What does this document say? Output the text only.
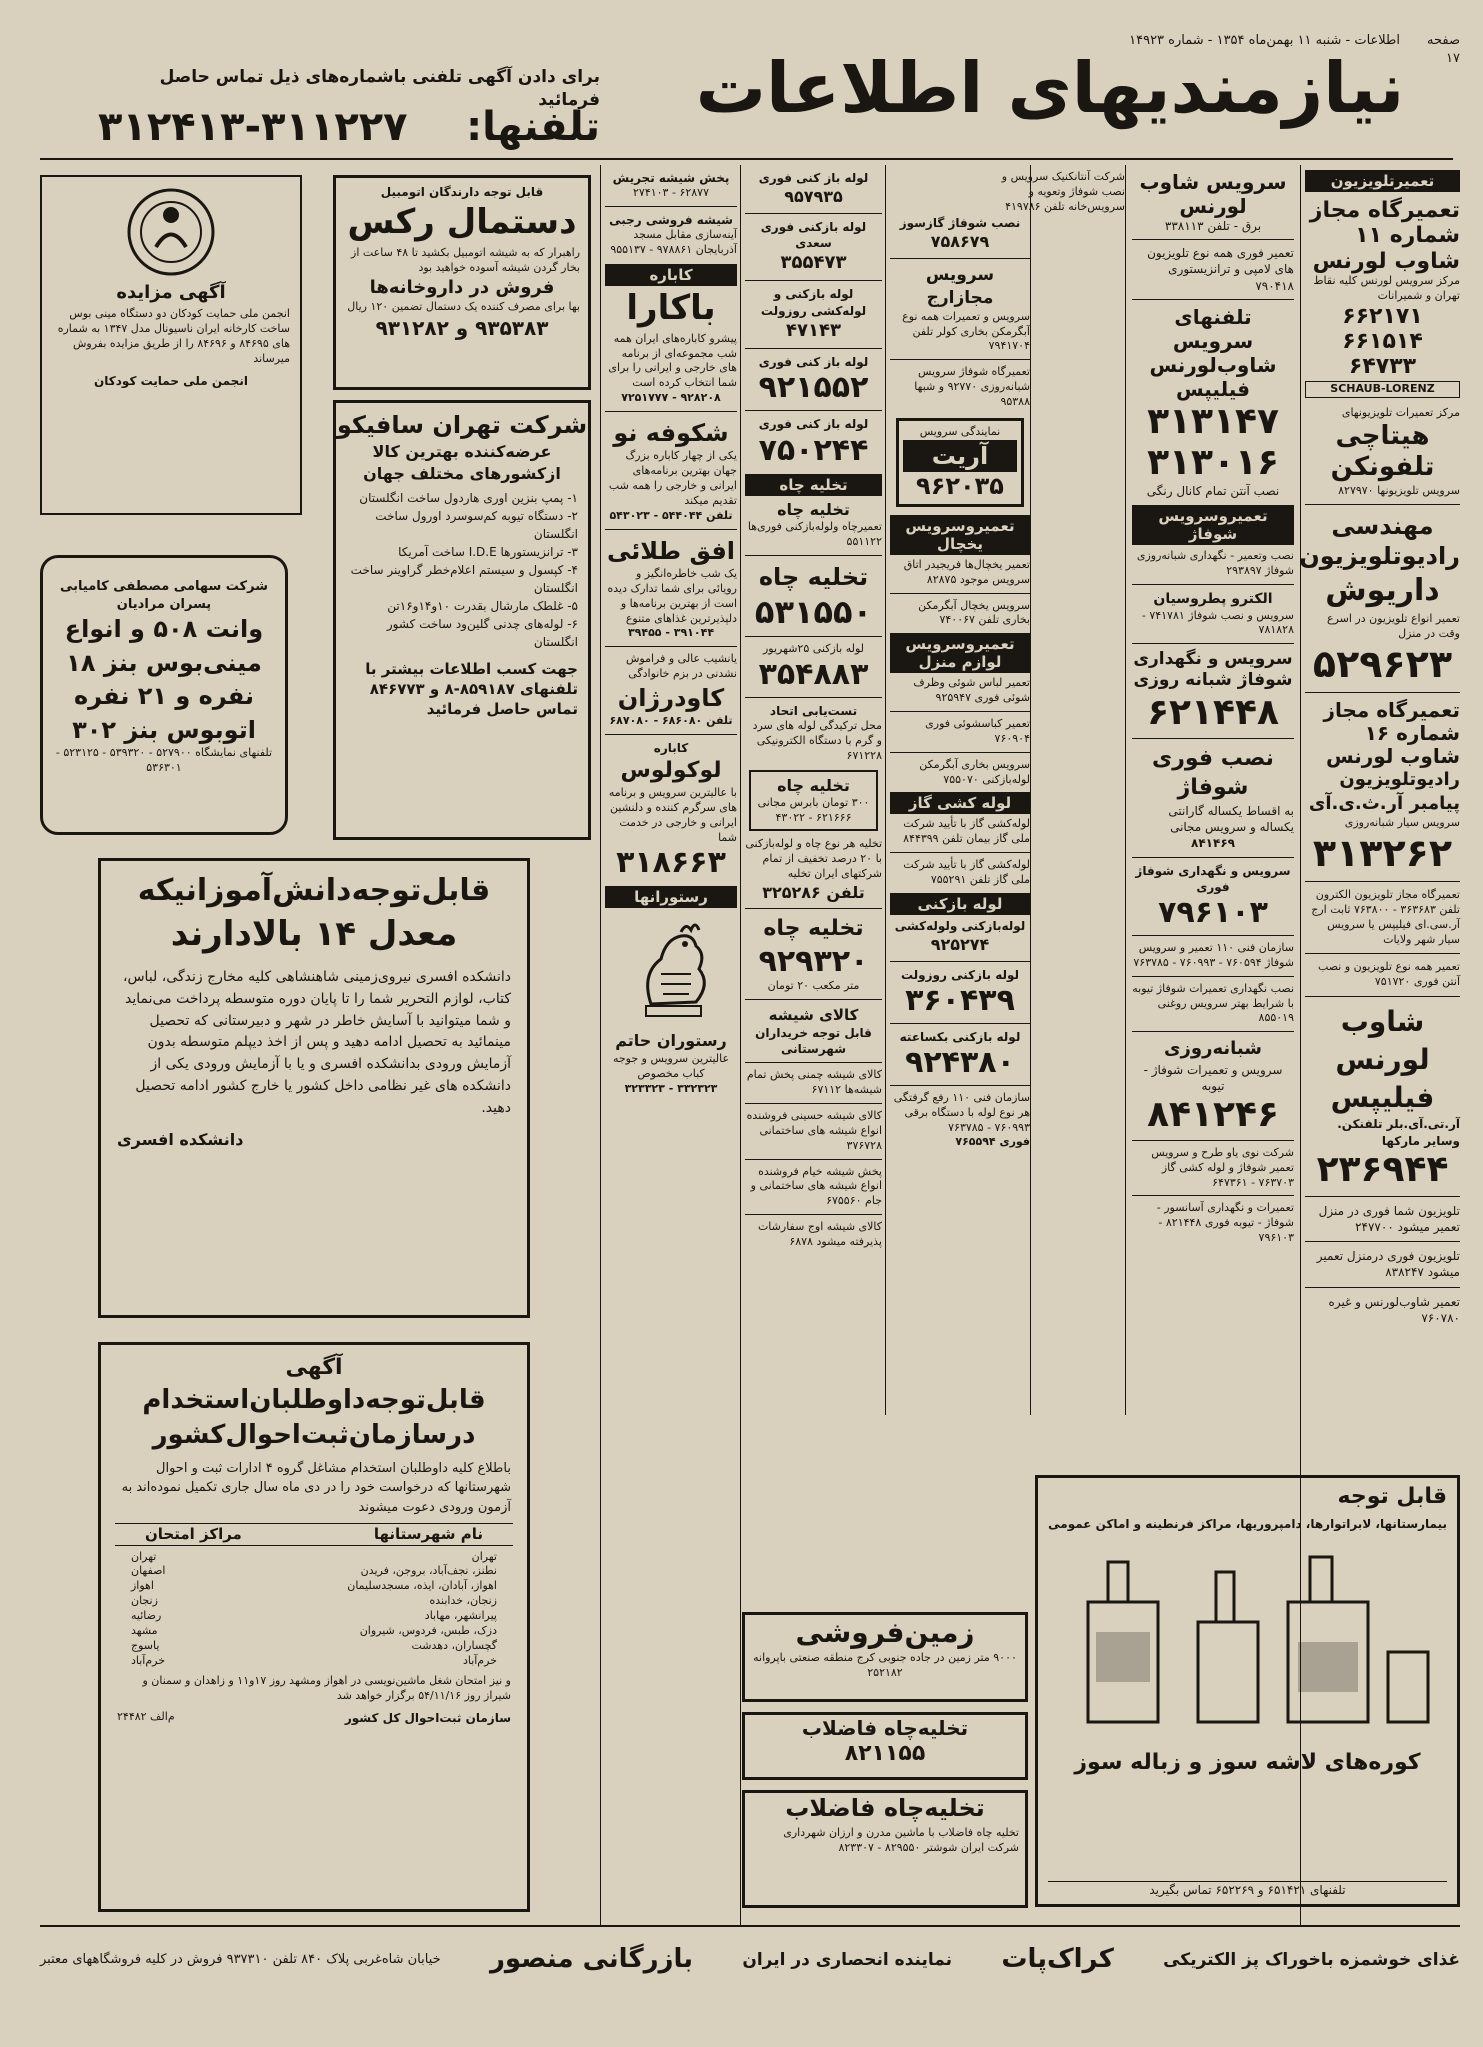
صفحه ۱۷
اطلاعات - شنبه ۱۱ بهمن‌ماه ۱۳۵۴ - شماره ۱۴۹۲۳
نیازمندیهای اطلاعات
برای دادن آگهی تلفنی باشماره‌های ذیل تماس حاصل فرمائید
تلفنها:
۳۱۲۴۱۳-۳۱۱۲۲۷
تعمیرتلویزیون
تعمیرگاه مجاز شماره ۱۱ شاوب لورنس
مرکز سرویس لورنس کلیه نقاط تهران و شمیرانات
۶۶۲۱۷۱ ۶۶۱۵۱۴ ۶۴۷۳۳
SCHAUB-LORENZ
مرکز تعمیرات تلویزیونهای
هیتاچی تلفونکن
سرویس تلویزیونها ۸۲۷۹۷۰
مهندسی رادیوتلویزیون
داریوش
تعمیر انواع تلویزیون در اسرع وقت در منزل
۵۲۹۶۲۳
تعمیرگاه مجاز شماره ۱۶ شاوب لورنس
رادیوتلویزیون پیامبر آر.ث.ی.آی
سرویس سیار شبانه‌روزی
۳۱۳۲۶۲
تعمیرگاه مجاز تلویزیون الکترون تلفن ۳۶۳۶۸۳ - ۷۶۳۸۰۰ ثابت ارج آر.سی.ای فیلیپس یا سرویس سیار شهر ولایات
تعمیر همه نوع تلویزیون و نصب آنتن فوری ۷۵۱۷۲۰
شاوب لورنس
فیلیپس
آر.تی.آی.بلر تلفنکن. وسایر مارکها
۲۳۶۹۴۴
تلویزیون شما فوری در منزل تعمیر میشود ۲۴۷۷۰۰
تلویزیون فوری درمنزل تعمیر میشود ۸۳۸۲۴۷
تعمیر شاوب‌لورنس و غیره ۷۶۰۷۸۰
سرویس شاوب لورنس
برق - تلفن ۳۳۸۱۱۳
تعمیر فوری همه نوع تلویزیون های لامپی و ترانزیستوری ۷۹۰۴۱۸
تلفنهای سرویس شاوب‌لورنس فیلیپس
۳۱۳۱۴۷
۳۱۳۰۱۶
نصب آنتن تمام کانال رنگی
تعمیروسرویس شوفاژ
نصب وتعمیر - نگهداری شبانه‌روزی شوفاژ ۲۹۳۸۹۷
الکترو پطروسیان
سرویس و نصب شوفاژ ۷۴۱۷۸۱ - ۷۸۱۸۲۸
سرویس و نگهداری شوفاژ شبانه روزی
۶۲۱۴۴۸
نصب فوری شوفاژ
به اقساط یکساله گارانتی یکساله و سرویس مجانی
۸۴۱۴۶۹
سرویس و نگهداری شوفاژ فوری
۷۹۶۱۰۳
سازمان فنی ۱۱۰ تعمیر و سرویس شوفاژ ۷۶۰۵۹۴ - ۷۶۰۹۹۳ - ۷۶۳۷۸۵
نصب نگهداری تعمیرات شوفاژ تیوبه با شرایط بهتر سرویس روغنی ۸۵۵۰۱۹
شبانه‌روزی
سرویس و تعمیرات شوفاژ - تیوبه
۸۴۱۲۴۶
شرکت نوی یاو طرح و سرویس تعمیر شوفاژ و لوله کشی گاز ۷۶۳۷۰۳ - ۶۴۷۳۶۱
تعمیرات و نگهداری آسانسور - شوفاژ - تیوبه فوری ۸۲۱۴۴۸ - ۷۹۶۱۰۳
شرکت آنتانکنیک سرویس و نصب شوفاژ وتعویه و سرویس‌خانه تلفن ۴۱۹۷۸۶
نصب شوفاژ گازسوز
۷۵۸۶۷۹
سرویس مجازارج
سرویس و تعمیرات همه نوع آبگرمکن بخاری کولر تلفن ۷۹۴۱۷۰۴
تعمیرگاه شوفاژ سرویس شبانه‌روزی ۹۲۷۷۰ و شبها ۹۵۳۸۸
نمایندگی سرویس
آریت
۹۶۲۰۳۵
تعمیروسرویس یخچال
تعمیر یخچال‌ها فریجیدر اتاق سرویس موجود ۸۲۸۷۵
سرویس یخچال آبگرمکن بخاری تلفن ۷۴۰۰۶۷
تعمیروسرویس لوازم منزل
تعمیر لباس شوئی وظرف شوئی فوری ۹۲۵۹۴۷
تعمیر کباسشوئی فوری ۷۶۰۹۰۴
سرویس بخاری آبگرمکن لوله‌بازکنی ۷۵۵۰۷۰
لوله کشی گاز
لوله‌کشی گاز با تأیید شرکت ملی گاز بیمان تلفن ۸۴۴۳۹۹
لوله‌کشی گاز با تأیید شرکت ملی گاز تلفن ۷۵۵۲۹۱
لوله بازکنی
لوله‌بازکنی ولوله‌کشی
۹۲۵۲۷۴
لوله بازکنی روزولت
۳۶۰۴۳۹
لوله بازکنی بکساعته
۹۲۴۳۸۰
سازمان فنی ۱۱۰ رفع گرفتگی هر نوع لوله با دستگاه برقی ۷۶۰۹۹۳ - ۷۶۳۷۸۵
فوری ۷۶۵۵۹۴
لوله باز کنی فوری
۹۵۷۹۳۵
لوله بازکنی فوری سعدی
۳۵۵۴۷۳
لوله بازکنی و لوله‌کشی روزولت
۴۷۱۴۳
لوله باز کنی فوری
۹۲۱۵۵۲
لوله باز کنی فوری
۷۵۰۲۴۴
تخلیه چاه
تخلیه چاه
تعمیرچاه ولوله‌بازکنی فوری‌ها ۵۵۱۱۲۲
تخلیه چاه
۵۳۱۵۵۰
لوله بازکنی ۲۵شهریور
۳۵۴۸۸۳
تست‌یابی اتحاد
محل ترکیدگی لوله های سرد و گرم با دستگاه الکترونیکی ۶۷۱۲۲۸
تخلیه چاه
۳۰۰ تومان بابرس مجانی ۶۲۱۶۶۶ - ۴۳۰۲۲
تخلیه هر نوع چاه و لوله‌بازکنی با ۲۰ درصد تخفیف از تمام شرکتهای ایران تخلیه
تلفن ۳۲۵۲۸۶
تخلیه چاه
۹۲۹۳۲۰
متر مکعب ۲۰ تومان
کالای شیشه
قابل توجه خریداران شهرستانی
کالای شیشه چمنی پخش تمام شیشه‌ها ۶۷۱۱۲
کالای شیشه حسینی فروشنده انواع شیشه های ساختمانی ۳۷۶۷۲۸
پخش شیشه خیام فروشنده انواع شیشه های ساختمانی و جام ۶۷۵۵۶۰
کالای شیشه اوج سفارشات پذیرفته میشود ۶۸۷۸
پخش شیشه تجریش
۶۲۸۷۷ - ۲۷۴۱۰۳
شیشه فروشی رجبی
آینه‌سازی مقابل مسجد آذربایجان ۹۷۸۸۶۱ - ۹۵۵۱۳۷
کاباره
باکارا
پیشرو کاباره‌های ایران همه شب مجموعه‌ای از برنامه های خارجی و ایرانی را برای شما انتخاب کرده است
۹۲۸۲۰۸ - ۷۲۵۱۷۷۷
شکوفه نو
یکی از چهار کاباره بزرگ جهان بهترین برنامه‌های ایرانی و خارجی را همه شب تقدیم میکند
تلفن ۵۴۴۰۴۴ - ۵۴۳۰۲۳
افق طلائی
یک شب خاطره‌انگیز و رویائی برای شما تدارک دیده است از بهترین برنامه‌ها و دلپذیرترین غذاهای متنوع
۳۹۱۰۴۴ - ۳۹۴۵۵
یانشیب عالی و فراموش نشدنی در بزم خانوادگی
کاودرژان
تلفن ۶۸۶۰۸۰ - ۶۸۷۰۸۰
کاباره
لوکولوس
با عالیترین سرویس و برنامه های سرگرم کننده و دلنشین ایرانی و خارجی در خدمت شما
۳۱۸۶۶۳
رستورانها
رستوران حاتم
عالیترین سرویس و جوجه کباب مخصوص
۳۳۲۳۲۳ - ۳۲۳۳۲۳
زمین‌فروشی
۹۰۰۰ متر زمین در جاده جنوبی کرج منطقه صنعتی باپروانه ۲۵۲۱۸۲
تخلیه‌چاه فاضلاب
۸۲۱۱۵۵
تخلیه‌چاه فاضلاب
تخلیه چاه فاضلاب با ماشین مدرن و ارزان شهرداری شرکت ایران شوشتر ۸۲۹۵۵۰ - ۸۲۳۳۰۷
قابل توجه
بیمارستانها، لابراتوارها، دامپروریها، مراکز فرنطینه و اماکن عمومی
کوره‌های لاشه سوز و زباله سوز
تلفنهای ۶۵۱۴۲۱ و ۶۵۲۲۶۹ تماس بگیرید
قابل توجه دارندگان اتومبیل
دستمال رکس
راهبرار که به شیشه اتومبیل بکشید تا ۴۸ ساعت از بخار گردن شیشه آسوده خواهید بود
فروش در داروخانه‌ها
بها برای مصرف کننده یک دستمال تضمین ۱۲۰ ریال
۹۳۵۳۸۳ و ۹۳۱۲۸۲
شرکت تهران سافیکو
عرضه‌کننده بهترین کالا ازکشورهای مختلف جهان
۱- پمپ بنزین اوری هاردول ساخت انگلستان
۲- دستگاه تیوبه کم‌سوسرد اورول ساخت انگلستان
۳- ترانزیستورها I.D.E ساخت آمریکا
۴- کپسول و سیستم اعلام‌خطر گراوینر ساخت انگلستان
۵- غلطک مارشال بقدرت ۱۰و۱۴و۱۶تن
۶- لوله‌های چدنی گلین‌ود ساخت کشور انگلستان
جهت کسب اطلاعات بیشتر با تلفنهای ۸۵۹۱۸۷-۸ و ۸۴۶۷۷۳ تماس حاصل فرمائید
آگهی مزایده
انجمن ملی حمایت کودکان دو دستگاه مینی بوس ساخت کارخانه ایران ناسیونال مدل ۱۳۴۷ به شماره های ۸۴۶۹۵ و ۸۴۶۹۶ را از طریق مزایده بفروش میرساند
انجمن ملی حمایت کودکان
شرکت سهامی مصطفی کامیابی پسران مرادیان
وانت ۵۰۸ و انواع مینی‌بوس بنز ۱۸ نفره و ۲۱ نفره
اتوبوس بنز ۳۰۲
تلفنهای نمایشگاه ۵۲۷۹۰۰ - ۵۳۹۳۲۰ - ۵۲۳۱۲۵ - ۵۳۶۳۰۱
قابل‌توجه‌دانش‌آموزانیکه
معدل ۱۴ بالادارند
دانشکده افسری نیروی‌زمینی شاهنشاهی کلیه مخارج زندگی، لباس، کتاب، لوازم التحریر شما را تا پایان دوره متوسطه پرداخت می‌نماید و شما میتوانید با آسایش خاطر در شهر و دبیرستانی که تحصیل مینمائید به تحصیل ادامه دهید و پس از اخذ دیپلم متوسطه بدون آزمایش ورودی بدانشکده افسری و یا با آزمایش ورودی یکی از دانشکده های غیر نظامی داخل کشور یا خارج کشور ادامه تحصیل دهید.
دانشکده افسری
آگهی
قابل‌توجه‌داوطلبان‌استخدام
درسازمان‌ثبت‌احوال‌کشور
باطلاع کلیه داوطلبان استخدام مشاغل گروه ۴ ادارات ثبت و احوال شهرستانها که درخواست خود را در دی ماه سال جاری تکمیل نموده‌اند به آزمون ورودی دعوت میشوند
نام شهرستانها
مراکز امتحان
تهران
تهران
نطنز، نجف‌آباد، بروجن، فریدن
اصفهان
اهواز، آبادان، ایذه، مسجدسلیمان
اهواز
زنجان، خدابنده
زنجان
پیرانشهر، مهاباد
رضائیه
دزک، طبس، فردوس، شیروان
مشهد
گچساران، دهدشت
یاسوج
خرم‌آباد
خرم‌آباد
و نیز امتحان شغل ماشین‌نویسی در اهواز ومشهد روز ۱۷و۱۱ و زاهدان و سمنان و شیراز روز ۵۴/۱۱/۱۶ برگزار خواهد شد
سازمان ثبت‌احوال کل کشور
م‌الف ۲۴۴۸۲
غذای خوشمزه باخوراک پز الکتریکی
کراک‌پات
نماینده انحصاری در ایران
بازرگانی منصور
خیابان شاه‌غربی پلاک ۸۴۰ تلفن ۹۳۷۳۱۰ فروش در کلیه فروشگاههای معتبر
